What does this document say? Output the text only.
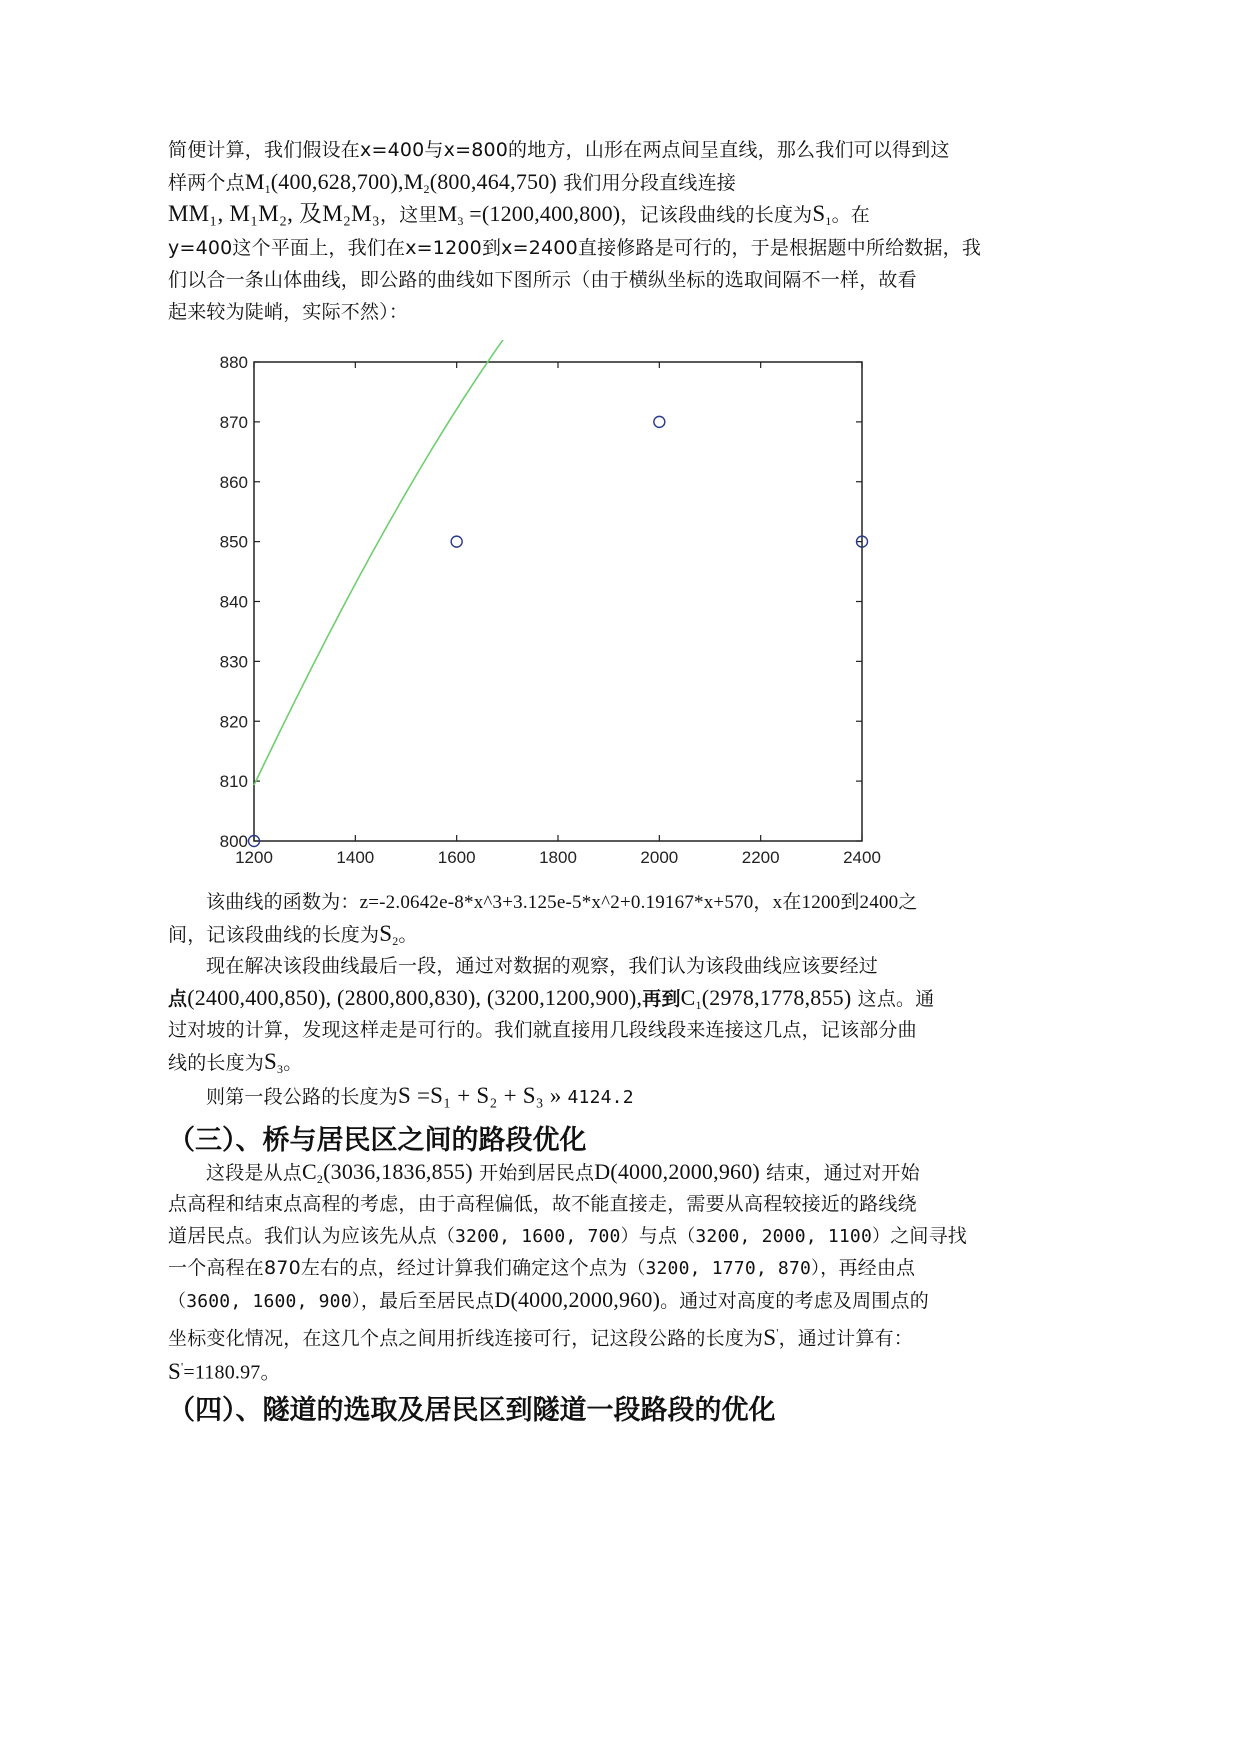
简便计算，我们假设在x=400与x=800的地方，山形在两点间呈直线，那么我们可以得到这
样两个点$M_1(400,628,700),M_2(800,464,750)$ 我们用分段直线连接
MM₁, M₁M₂, 及M₂M₃，这里$M_3 =(1200,400,800)$，记该段曲线的长度为$S_1$。在
y=400这个平面上，我们在x=1200到x=2400直接修路是可行的，于是根据题中所给数据，我
们以合一条山体曲线，即公路的曲线如下图所示（由于横纵坐标的选取间隔不一样，故看
起来较为陡峭，实际不然）：
1200	1400	1600	1800	2000	2200	2400
800
810
820
830
840
850
860
870
880
该曲线的函数为：z=-2.0642e-8*x^3+3.125e-5*x^2+0.19167*x+570，x在1200到2400之
间，记该段曲线的长度为$S_2$。
现在解决该段曲线最后一段，通过对数据的观察，我们认为该段曲线应该要经过
点(2400,400,850), (2800,800,830), (3200,1200,900),再到$C_1(2978,1778,855)$ 这点。通
过对坡的计算，发现这样走是可行的。我们就直接用几段线段来连接这几点，记该部分曲
线的长度为$S_3$。
则第一段公路的长度为S =S₁ + S₂ + S₃ » 4124.2
（三）、桥与居民区之间的路段优化
这段是从点$C_2(3036,1836,855)$ 开始到居民点D(4000,2000,960) 结束，通过对开始
点高程和结束点高程的考虑，由于高程偏低，故不能直接走，需要从高程较接近的路线绕
道居民点。我们认为应该先从点（3200, 1600, 700）与点（3200, 2000, 1100）之间寻找
一个高程在870左右的点，经过计算我们确定这个点为（3200, 1770, 870），再经由点
（3600, 1600, 900），最后至居民点D(4000,2000,960)。通过对高度的考虑及周围点的
坐标变化情况，在这几个点之间用折线连接可行，记这段公路的长度为S'，通过计算有：
S'=1180.97。
（四）、隧道的选取及居民区到隧道一段路段的优化
